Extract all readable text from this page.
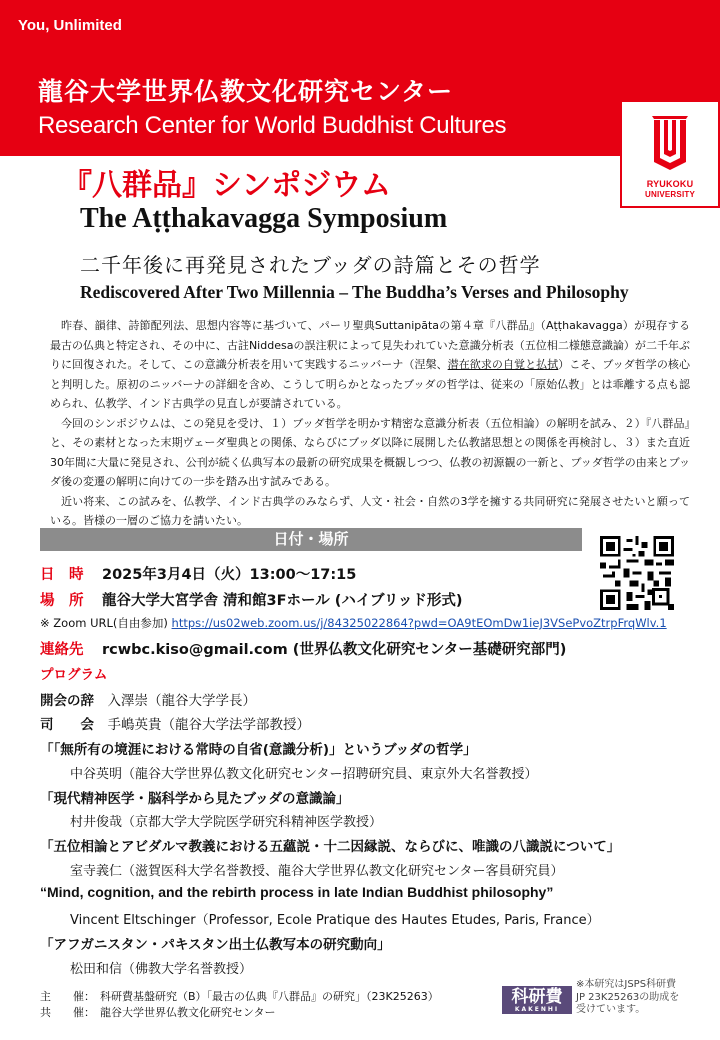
You, Unlimited
龍谷大学世界仏教文化研究センター
Research Center for World Buddhist Cultures
RYUKOKU
UNIVERSITY
『八群品』シンポジウム
The Aṭṭhakavagga Symposium
二千年後に再発見されたブッダの詩篇とその哲学
Rediscovered After Two Millennia – The Buddha’s Verses and Philosophy

昨春、韻律、詩節配列法、思想内容等に基づいて、パーリ聖典Suttanipātaの第４章『八群品』（Aṭṭhakavagga）が現存する最古の仏典と特定され、その中に、古註Niddesaの誤注釈によって見失われていた意識分析表（五位相二様態意識論）が二千年ぶりに回復された。そして、この意識分析表を用いて実践するニッバーナ（涅槃、潜在欲求の自覚と払拭）こそ、ブッダ哲学の核心と判明した。原初のニッバーナの詳細を含め、こうして明らかとなったブッダの哲学は、従来の「原始仏教」とは乖離する点も認められ、仏教学、インド古典学の見直しが要請されている。

今回のシンポジウムは、この発見を受け、１）ブッダ哲学を明かす精密な意識分析表（五位相論）の解明を試み、２）『八群品』と、その素材となった末期ヴェーダ聖典との関係、ならびにブッダ以降に展開した仏教諸思想との関係を再検討し、３）また直近30年間に大量に発見され、公刊が続く仏典写本の最新の研究成果を概観しつつ、仏教の初源観の一新と、ブッダ哲学の由来とブッダ後の変遷の解明に向けての一歩を踏み出す試みである。

近い将来、この試みを、仏教学、インド古典学のみならず、人文・社会・自然の3学を擁する共同研究に発展させたいと願っている。皆様の一層のご協力を請いたい。

日付・場所
日　時 2025年3月4日（火）13:00〜17:15
場　所 龍谷大学大宮学舎 清和館3Fホール (ハイブリッド形式)
※ Zoom URL(自由参加) https://us02web.zoom.us/j/84325022864?pwd=OA9tEOmDw1ieJ3VSePvoZtrpFrqWlv.1
連絡先 rcwbc.kiso@gmail.com (世界仏教文化研究センター基礎研究部門)
プログラム
開会の辞　 入澤崇（龍谷大学学長）
司　　会　 手嶋英貴（龍谷大学法学部教授）
「「無所有の境涯における常時の自省(意識分析)」というブッダの哲学」
中谷英明（龍谷大学世界仏教文化研究センター招聘研究員、東京外大名誉教授）
「現代精神医学・脳科学から見たブッダの意識論」
村井俊哉（京都大学大学院医学研究科精神医学教授）
「五位相論とアビダルマ教義における五蘊説・十二因縁説、ならびに、唯識の八識説について」
室寺義仁（滋賀医科大学名誉教授、龍谷大学世界仏教文化研究センター客員研究員）
“Mind, cognition, and the rebirth process in late Indian Buddhist philosophy”
Vincent Eltschinger（Professor, Ecole Pratique des Hautes Etudes, Paris, France）
「アフガニスタン・パキスタン出土仏教写本の研究動向」
松田和信（佛教大学名誉教授）
主　　催： 科研費基盤研究（B）「最古の仏典『八群品』の研究」（23K25263）
共　　催： 龍谷大学世界仏教文化研究センター
科研費
KAKENHI
※本研究はJSPS科研費 JP 23K25263の助成を受けています。
